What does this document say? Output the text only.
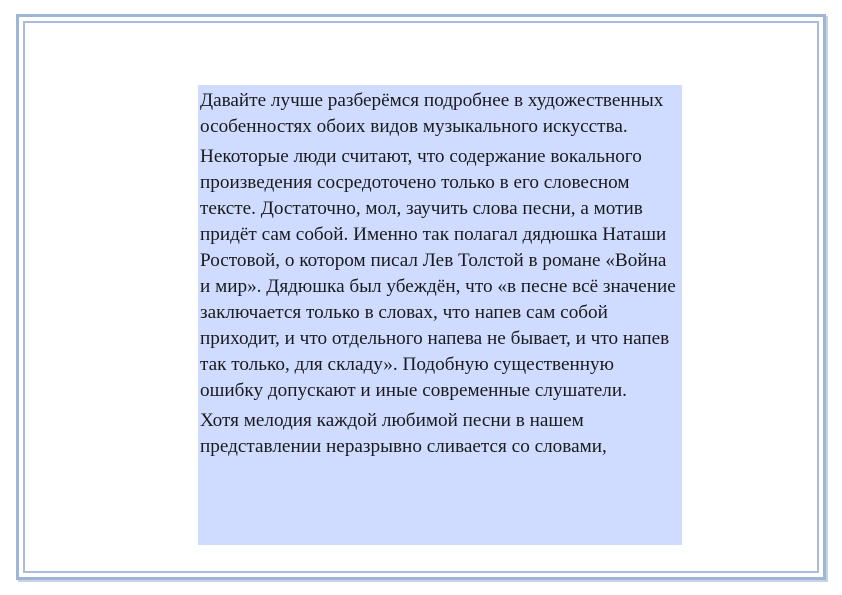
Давайте лучше разберёмся подробнее в художественных особенностях обоих видов музыкального искусства.

Некоторые люди считают, что содержание вокального произведения сосредоточено только в его словесном тексте. Достаточно, мол, заучить слова песни, а мотив придёт сам собой. Именно так полагал дядюшка Наташи Ростовой, о котором писал Лев Толстой в романе «Война и мир». Дядюшка был убеждён, что «в песне всё значение заключается только в словах, что напев сам собой приходит, и что отдельного напева не бывает, и что напев так только, для складу». Подобную существенную ошибку допускают и иные современные слушатели.

Хотя мелодия каждой любимой песни в нашем представлении неразрывно сливается со словами,
